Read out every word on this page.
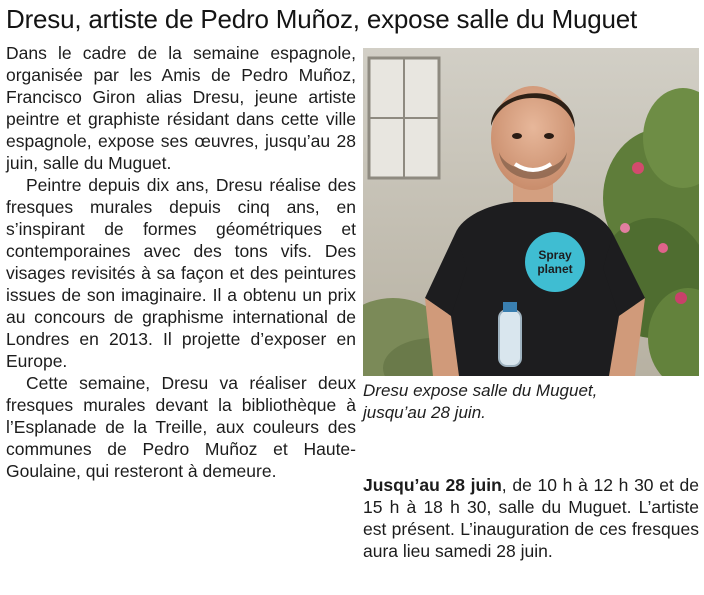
Dresu, artiste de Pedro Muñoz, expose salle du Muguet

Dans le cadre de la semaine espagnole, organisée par les Amis de Pedro Muñoz, Francisco Giron alias Dresu, jeune artiste peintre et graphiste résidant dans cette ville espagnole, expose ses œuvres, jusqu’au 28 juin, salle du Muguet.

Peintre depuis dix ans, Dresu réalise des fresques murales depuis cinq ans, en s’inspirant de formes géométriques et contemporaines avec des tons vifs. Des visages revisités à sa façon et des peintures issues de son imaginaire. Il a obtenu un prix au concours de graphisme international de Londres en 2013. Il projette d’exposer en Europe.

Cette semaine, Dresu va réaliser deux fresques murales devant la bibliothèque à l’Esplanade de la Treille, aux couleurs des communes de Pedro Muñoz et Haute-Goulaine, qui resteront à demeure.

Spray
planet

Dresu expose salle du Muguet,
jusqu’au 28 juin.

Jusqu’au 28 juin, de 10 h à 12 h 30 et de 15 h à 18 h 30, salle du Muguet. L’artiste est présent. L’inauguration de ces fresques aura lieu samedi 28 juin.
